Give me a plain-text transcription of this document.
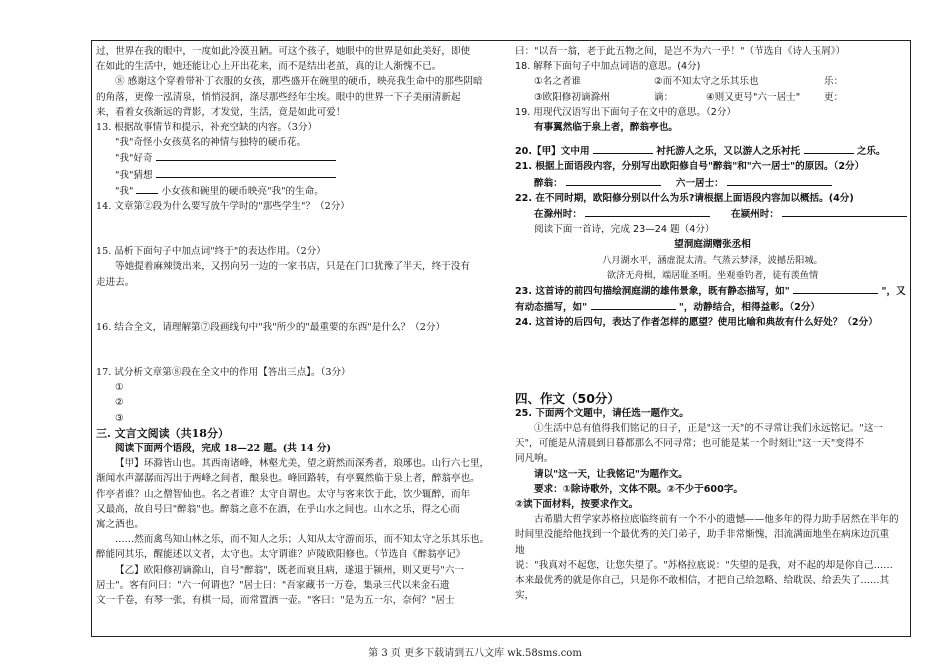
过，世界在我的眼中，一度如此冷漠丑陋。可这个孩子，她眼中的世界是如此美好，即使
在如此的生活中，她还能让心上开出花来，而不是结出老茧，真的让人渐愧不已。
⑧ 感谢这个穿着带补丁衣服的女孩，那些盛开在碗里的硬币，映亮我生命中的那些阴暗
的角落，更像一泓清泉，悄悄浸润，涤尽那些经年尘埃。眼中的世界一下子美丽清新起
来，看着女孩渐远的背影，才发觉，生活，竟是如此可爱！
13. 根据故事情节和提示，补充空缺的内容。（3分）
"我"奇怪小女孩莫名的神情与独特的硬币花。
"我"好奇
"我"猜想
"我"	小女孩和碗里的硬币映亮"我"的生命。
14. 文章第②段为什么要写放午学时的"那些学生"？（2分）
15. 品析下面句子中加点词"终于"的表达作用。（2分）
等她提着麻辣烫出来，又拐向另一边的一家书店，只是在门口犹豫了半天，终于没有
走进去。
16. 结合全文，请理解第⑦段画线句中"我"所少的"最重要的东西"是什么？（2分）
17. 试分析文章第⑧段在全文中的作用【答出三点】。（3分）
①
②
③
三. 文言文阅读（共18分）
阅读下面两个语段，完成 18—22 题。(共 14 分)
【甲】环滁皆山也。其西南诸峰，林壑尤美，望之蔚然而深秀者，琅琊也。山行六七里，
渐闻水声潺潺而泻出于两峰之间者，酿泉也。峰回路转，有亭翼然临于泉上者，醉翁亭也。
作亭者谁？山之僧智仙也。名之者谁？太守自谓也。太守与客来饮于此，饮少辄醉，而年
又最高，故自号曰"醉翁"也。醉翁之意不在酒，在乎山水之间也。山水之乐，得之心而
寓之酒也。
……然而禽鸟知山林之乐，而不知人之乐；人知从太守游而乐，而不知太守之乐其乐也。
醉能同其乐，醒能述以文者，太守也。太守谓谁？庐陵欧阳修也。（节选自《醉翁亭记》
【乙】欧阳修初谪滁山，自号"醉翁"，既老而衰且病，遂退于颍州，则又更号"六一
居士"。客有问曰："六一何谓也？"居士曰："吾家藏书一万卷，集录三代以来金石遗
文一千卷，有琴一张，有棋一局，而常置酒一壶。"客曰："是为五一尔，奈何？"居士
曰："以吾一翁，老于此五物之间，是岂不为六一乎！"（节选自《诗人玉屑》）
18. 解释下面句子中加点词语的意思。(4分)
①名之者谁	②而不知太守之乐其乐也	乐：
③欧阳修初谪滁州	谪：	④则又更号"六一居士" 更：
19. 用现代汉语写出下面句子在文中的意思。（2分）
有事翼然临于泉上者，醉翁亭也。
20.【甲】文中用	衬托游人之乐，又以游人之乐衬托	之乐。
21. 根据上面语段内容，分别写出欧阳修自号"醉翁"和"六一居士"的原因。（2分）
醉翁：	六一居士：
22. 在不同时期，欧阳修分别以什么为乐?请根据上面语段内容加以概括。(4分)
在滁州时：	在颍州时：
阅读下面一首诗，完成 23—24 题（4分）
望洞庭湖赠张丞相
八月湖水平，涵虚混太清。气蒸云梦泽，波撼岳阳城。
欲济无舟楫，端居耻圣明。坐观垂钓者，徒有羡鱼情
23. 这首诗的前四句描绘洞庭湖的雄伟景象，既有静态描写，如"	"，又
有动态描写，如"	"，动静结合，相得益彰。（2分）
24. 这首诗的后四句，表达了作者怎样的愿望？使用比喻和典故有什么好处？（2分）
四、作文（50分）
25. 下面两个文题中，请任选一题作文。
①生活中总有值得我们铭记的日子，正是"这一天"的不寻常让我们永远铭记。"这一
天"，可能是从清晨到日暮都那么不同寻常；也可能是某一个时刻让"这一天"变得不
同凡响。
请以"这一天，让我铭记"为题作文。
要求：①除诗歌外，文体不限。②不少于600字。
②读下面材料，按要求作文。
古希腊大哲学家苏格拉底临终前有一个不小的遗憾——他多年的得力助手居然在半年的
时间里没能给他找到一个最优秀的关门弟子，助手非常惭愧，泪流满面地坐在病床边沉重
地
说："我真对不起您，让您失望了。"苏格拉底说："失望的是我，对不起的却是你自己……
本来最优秀的就是你自己，只是你不敢相信，才把自己给忽略、给耽误、给丢失了……其
实，
第 3 页 更多下载请到五八文库 wk.58sms.com
